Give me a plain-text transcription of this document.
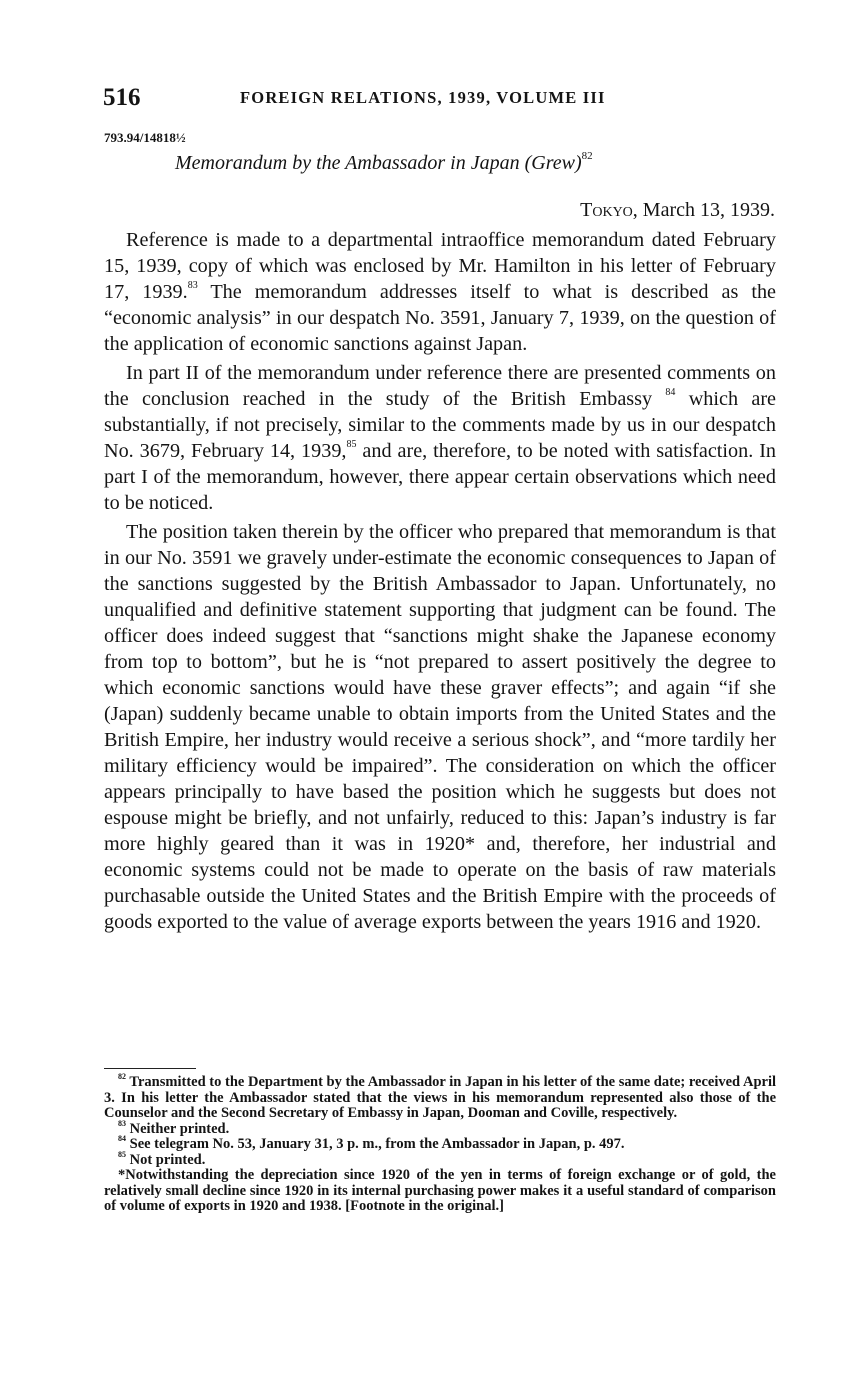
516	FOREIGN RELATIONS, 1939, VOLUME III
793.94/14818½
Memorandum by the Ambassador in Japan (Grew)$^{82}$
Tokyo, March 13, 1939.

Reference is made to a departmental intraoffice memorandum dated February 15, 1939, copy of which was enclosed by Mr. Hamilton in his letter of February 17, 1939.83 The memorandum addresses itself to what is described as the “economic analysis” in our despatch No. 3591, January 7, 1939, on the question of the application of economic sanctions against Japan.

In part II of the memorandum under reference there are presented comments on the conclusion reached in the study of the British Embassy $^{84}$ which are substantially, if not precisely, similar to the comments made by us in our despatch No. 3679, February 14, 1939,85 and are, therefore, to be noted with satisfaction. In part I of the memorandum, however, there appear certain observations which need to be noticed.

The position taken therein by the officer who prepared that memorandum is that in our No. 3591 we gravely under-estimate the economic consequences to Japan of the sanctions suggested by the British Ambassador to Japan. Unfortunately, no unqualified and definitive statement supporting that judgment can be found. The officer does indeed suggest that “sanctions might shake the Japanese economy from top to bottom”, but he is “not prepared to assert positively the degree to which economic sanctions would have these graver effects”; and again “if she (Japan) suddenly became unable to obtain imports from the United States and the British Empire, her industry would receive a serious shock”, and “more tardily her military efficiency would be impaired”. The consideration on which the officer appears principally to have based the position which he suggests but does not espouse might be briefly, and not unfairly, reduced to this: Japan’s industry is far more highly geared than it was in 1920* and, therefore, her industrial and economic systems could not be made to operate on the basis of raw materials purchasable outside the United States and the British Empire with the proceeds of goods exported to the value of average exports between the years 1916 and 1920.

$^{82}$ Transmitted to the Department by the Ambassador in Japan in his letter of the same date; received April 3. In his letter the Ambassador stated that the views in his memorandum represented also those of the Counselor and the Second Secretary of Embassy in Japan, Dooman and Coville, respectively.

$^{83}$ Neither printed.

$^{84}$ See telegram No. 53, January 31, 3 p. m., from the Ambassador in Japan, p. 497.

$^{85}$ Not printed.

*Notwithstanding the depreciation since 1920 of the yen in terms of foreign exchange or of gold, the relatively small decline since 1920 in its internal purchasing power makes it a useful standard of comparison of volume of exports in 1920 and 1938. [Footnote in the original.]
